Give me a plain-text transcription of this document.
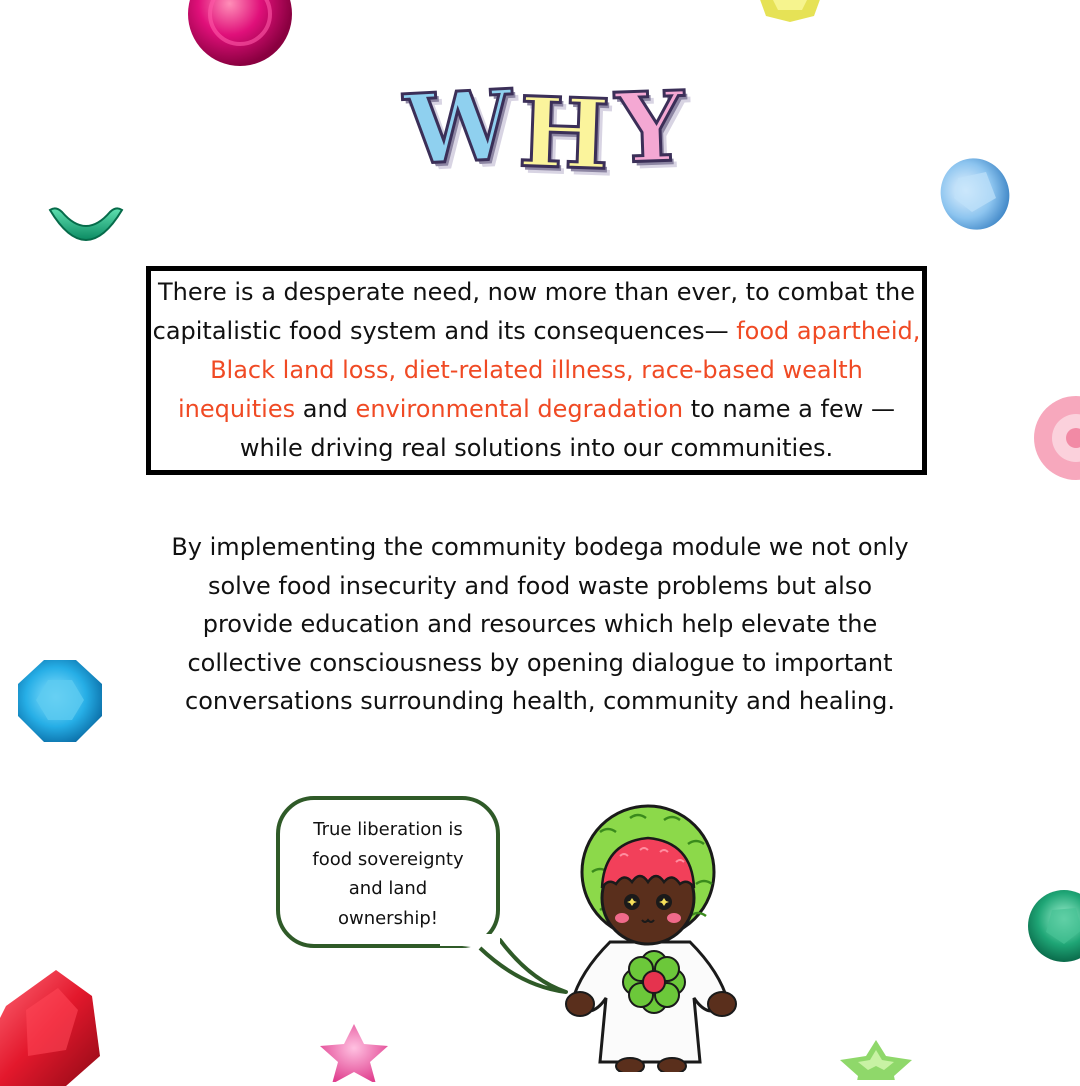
W H Y

There is a desperate need, now more than ever, to combat the capitalistic food system and its consequences— food apartheid, Black land loss, diet-related illness, race-based wealth inequities and environmental degradation to name a few —while driving real solutions into our communities.

By implementing the community bodega module we not only solve food insecurity and food waste problems but also provide education and resources which help elevate the collective consciousness by opening dialogue to important conversations surrounding health, community and healing.

True liberation is food sovereignty and land ownership!
